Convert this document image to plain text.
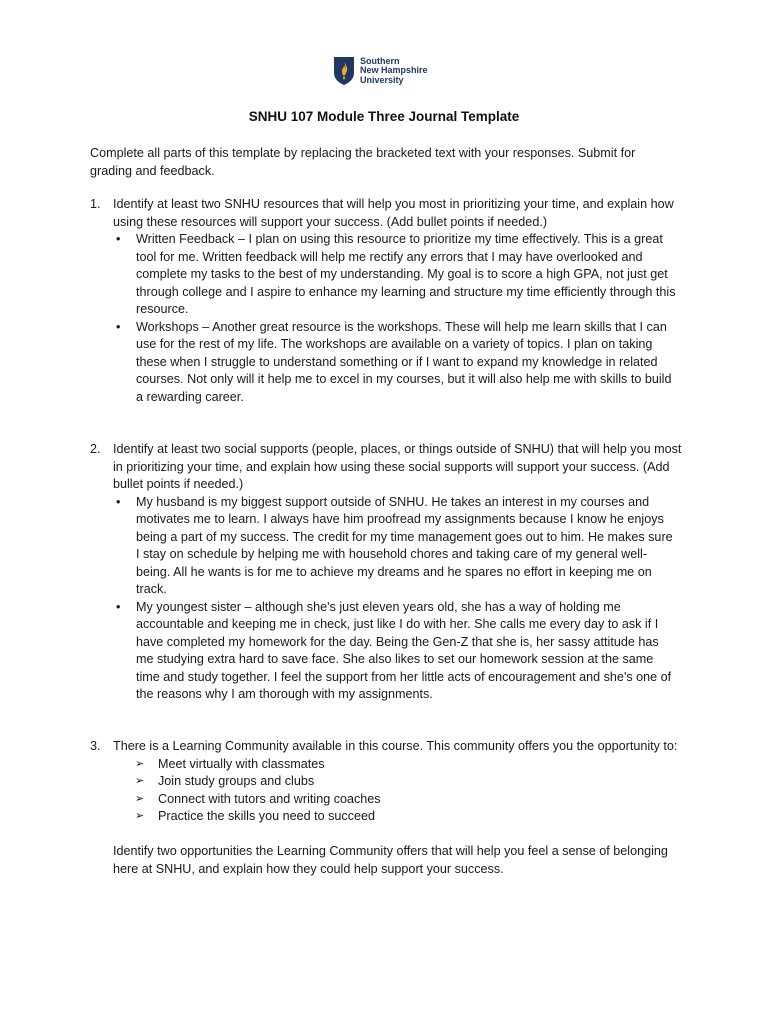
Southern
New Hampshire
University
SNHU 107 Module Three Journal Template
Complete all parts of this template by replacing the bracketed text with your responses. Submit for grading and feedback.
1. Identify at least two SNHU resources that will help you most in prioritizing your time, and explain how using these resources will support your success. (Add bullet points if needed.)
• Written Feedback – I plan on using this resource to prioritize my time effectively. This is a great tool for me. Written feedback will help me rectify any errors that I may have overlooked and complete my tasks to the best of my understanding. My goal is to score a high GPA, not just get through college and I aspire to enhance my learning and structure my time efficiently through this resource.
• Workshops – Another great resource is the workshops. These will help me learn skills that I can use for the rest of my life. The workshops are available on a variety of topics. I plan on taking these when I struggle to understand something or if I want to expand my knowledge in related courses. Not only will it help me to excel in my courses, but it will also help me with skills to build a rewarding career.
2. Identify at least two social supports (people, places, or things outside of SNHU) that will help you most in prioritizing your time, and explain how using these social supports will support your success. (Add bullet points if needed.)
• My husband is my biggest support outside of SNHU. He takes an interest in my courses and motivates me to learn. I always have him proofread my assignments because I know he enjoys being a part of my success. The credit for my time management goes out to him. He makes sure I stay on schedule by helping me with household chores and taking care of my general well-being. All he wants is for me to achieve my dreams and he spares no effort in keeping me on track.
• My youngest sister – although she's just eleven years old, she has a way of holding me accountable and keeping me in check, just like I do with her. She calls me every day to ask if I have completed my homework for the day. Being the Gen-Z that she is, her sassy attitude has me studying extra hard to save face. She also likes to set our homework session at the same time and study together. I feel the support from her little acts of encouragement and she's one of the reasons why I am thorough with my assignments.
3. There is a Learning Community available in this course. This community offers you the opportunity to:
➢ Meet virtually with classmates
➢ Join study groups and clubs
➢ Connect with tutors and writing coaches
➢ Practice the skills you need to succeed
Identify two opportunities the Learning Community offers that will help you feel a sense of belonging here at SNHU, and explain how they could help support your success.
